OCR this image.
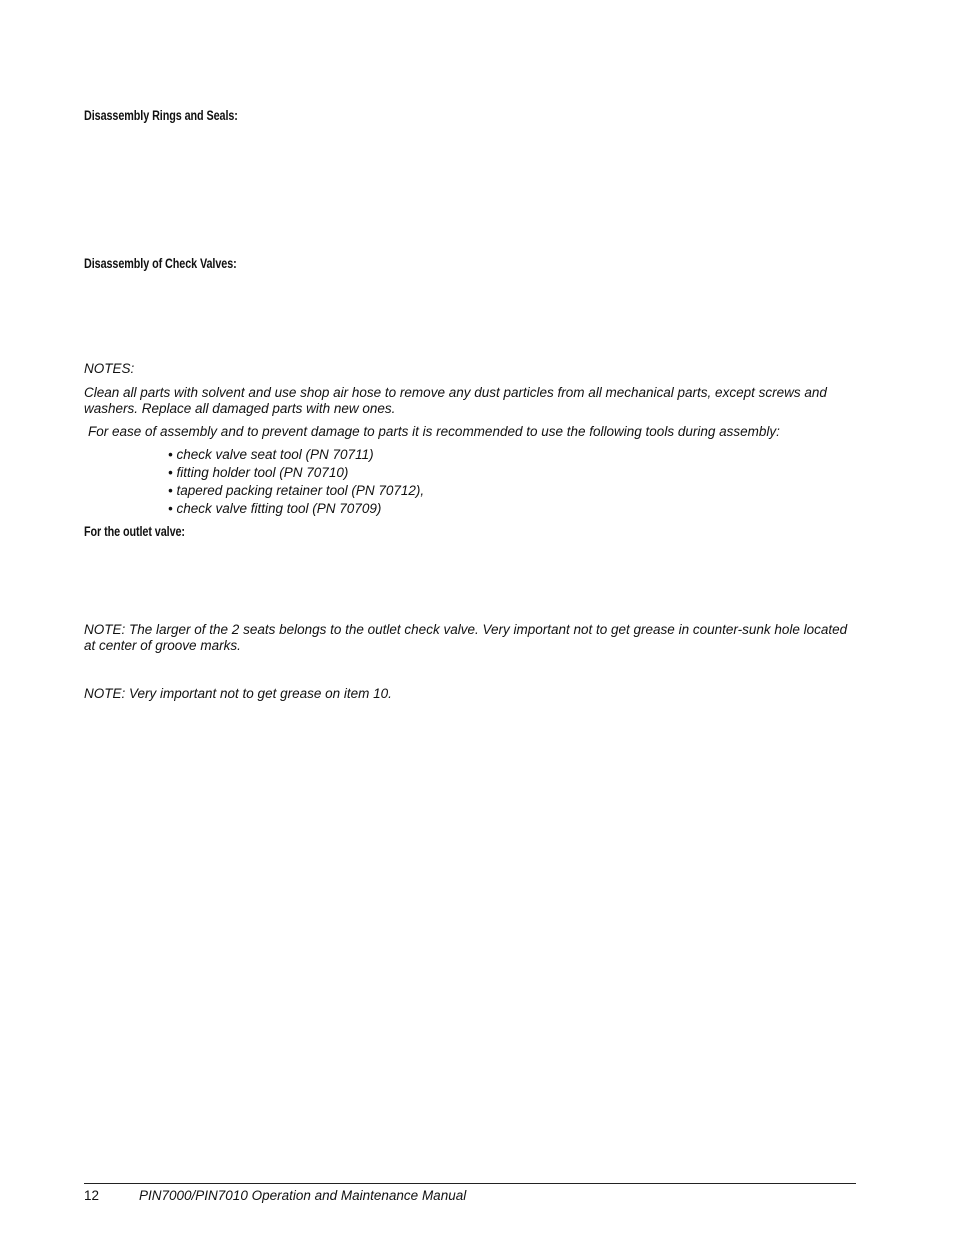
Disassembly Rings and Seals:
Disassembly of Check Valves:
NOTES:
Clean all parts with solvent and use shop air hose to remove any dust particles from all mechanical parts, except screws and washers. Replace all damaged parts with new ones.
For ease of assembly and to prevent damage to parts it is recommended to use the following tools during assembly:
• check valve seat tool (PN 70711)
• fitting holder tool (PN 70710)
• tapered packing retainer tool (PN 70712),
• check valve fitting tool (PN 70709)
For the outlet valve:
NOTE: The larger of the 2 seats belongs to the outlet check valve. Very important not to get grease in counter-sunk hole located at center of groove marks.
NOTE: Very important not to get grease on item 10.
12	PIN7000/PIN7010 Operation and Maintenance Manual
